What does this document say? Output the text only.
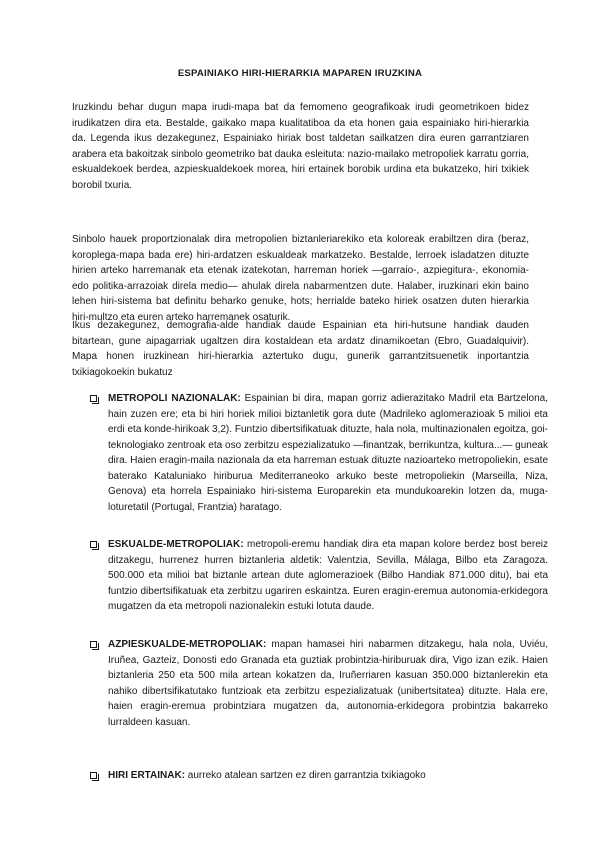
ESPAINIAKO HIRI-HIERARKIA MAPAREN IRUZKINA

Iruzkindu behar dugun mapa irudi-mapa bat da femomeno geografikoak irudi geometrikoen bidez irudikatzen dira eta. Bestalde, gaikako mapa kualitatiboa da eta honen gaia espainiako hiri-hierarkia da. Legenda ikus dezakegunez, Espainiako hiriak bost taldetan sailkatzen dira euren garrantziaren arabera eta bakoitzak sinbolo geometriko bat dauka esleituta: nazio-mailako metropoliek karratu gorria, eskualdekoek berdea, azpieskualdekoek morea, hiri ertainek borobik urdina eta bukatzeko, hiri txikiek borobil txuria.

Sinbolo hauek proportzionalak dira metropolien biztanleriarekiko eta koloreak erabiltzen dira (beraz, koroplega-mapa bada ere) hiri-ardatzen eskualdeak markatzeko. Bestalde, lerroek isladatzen dituzte hirien arteko harremanak eta etenak izatekotan, harreman horiek —garraio-, azpiegitura-, ekonomia- edo politika-arrazoiak direla medio— ahulak direla nabarmentzen dute. Halaber, iruzkinari ekin baino lehen hiri-sistema bat definitu beharko genuke, hots; herrialde bateko hiriek osatzen duten hierarkia hiri-multzo eta euren arteko harremanek osaturik.

Ikus dezakegunez, demografia-alde handiak daude Espainian eta hiri-hutsune handiak dauden bitartean, gune aipagarriak ugaltzen dira kostaldean eta ardatz dinamikoetan (Ebro, Guadalquivir). Mapa honen iruzkinean hiri-hierarkia aztertuko dugu, gunerik garrantzitsuenetik inportantzia txikiagokoekin bukatuz

METROPOLI NAZIONALAK: Espainian bi dira, mapan gorriz adierazitako Madril eta Bartzelona, hain zuzen ere; eta bi hiri horiek milioi biztanletik gora dute (Madrileko aglomerazioak 5 milioi eta erdi eta konde-hirikoak 3,2). Funtzio dibertsifikatuak dituzte, hala nola, multinazionalen egoitza, goi-teknologiako zentroak eta oso zerbitzu espezializatuko —finantzak, berrikuntza, kultura...— guneak dira. Haien eragin-maila nazionala da eta harreman estuak dituzte nazioarteko metropoliekin, esate baterako Kataluniako hiriburua Mediterraneoko arkuko beste metropoliekin (Marseilla, Niza, Genova) eta horrela Espainiako hiri-sistema Europarekin eta mundukoarekin lotzen da, muga-loturetatil (Portugal, Frantzia) haratago.
ESKUALDE-METROPOLIAK: metropoli-eremu handiak dira eta mapan kolore berdez bost bereiz ditzakegu, hurrenez hurren biztanleria aldetik: Valentzia, Sevilla, Málaga, Bilbo eta Zaragoza. 500.000 eta milioi bat biztanle artean dute aglomerazioek (Bilbo Handiak 871.000 ditu), bai eta funtzio dibertsifikatuak eta zerbitzu ugariren eskaintza. Euren eragin-eremua autonomia-erkidegora mugatzen da eta metropoli nazionalekin estuki lotuta daude.
AZPIESKUALDE-METROPOLIAK: mapan hamasei hiri nabarmen ditzakegu, hala nola, Uviéu, Iruñea, Gazteiz, Donosti edo Granada eta guztiak probintzia-hiriburuak dira, Vigo izan ezik. Haien biztanleria 250 eta 500 mila artean kokatzen da, Iruñerriaren kasuan 350.000 biztanlerekin eta nahiko dibertsifikatutako funtzioak eta zerbitzu espezializatuak (unibertsitatea) dituzte. Hala ere, haien eragin-eremua probintziara mugatzen da, autonomia-erkidegora probintzia bakarreko lurraldeen kasuan.
HIRI ERTAINAK: aurreko atalean sartzen ez diren garrantzia txikiagoko
